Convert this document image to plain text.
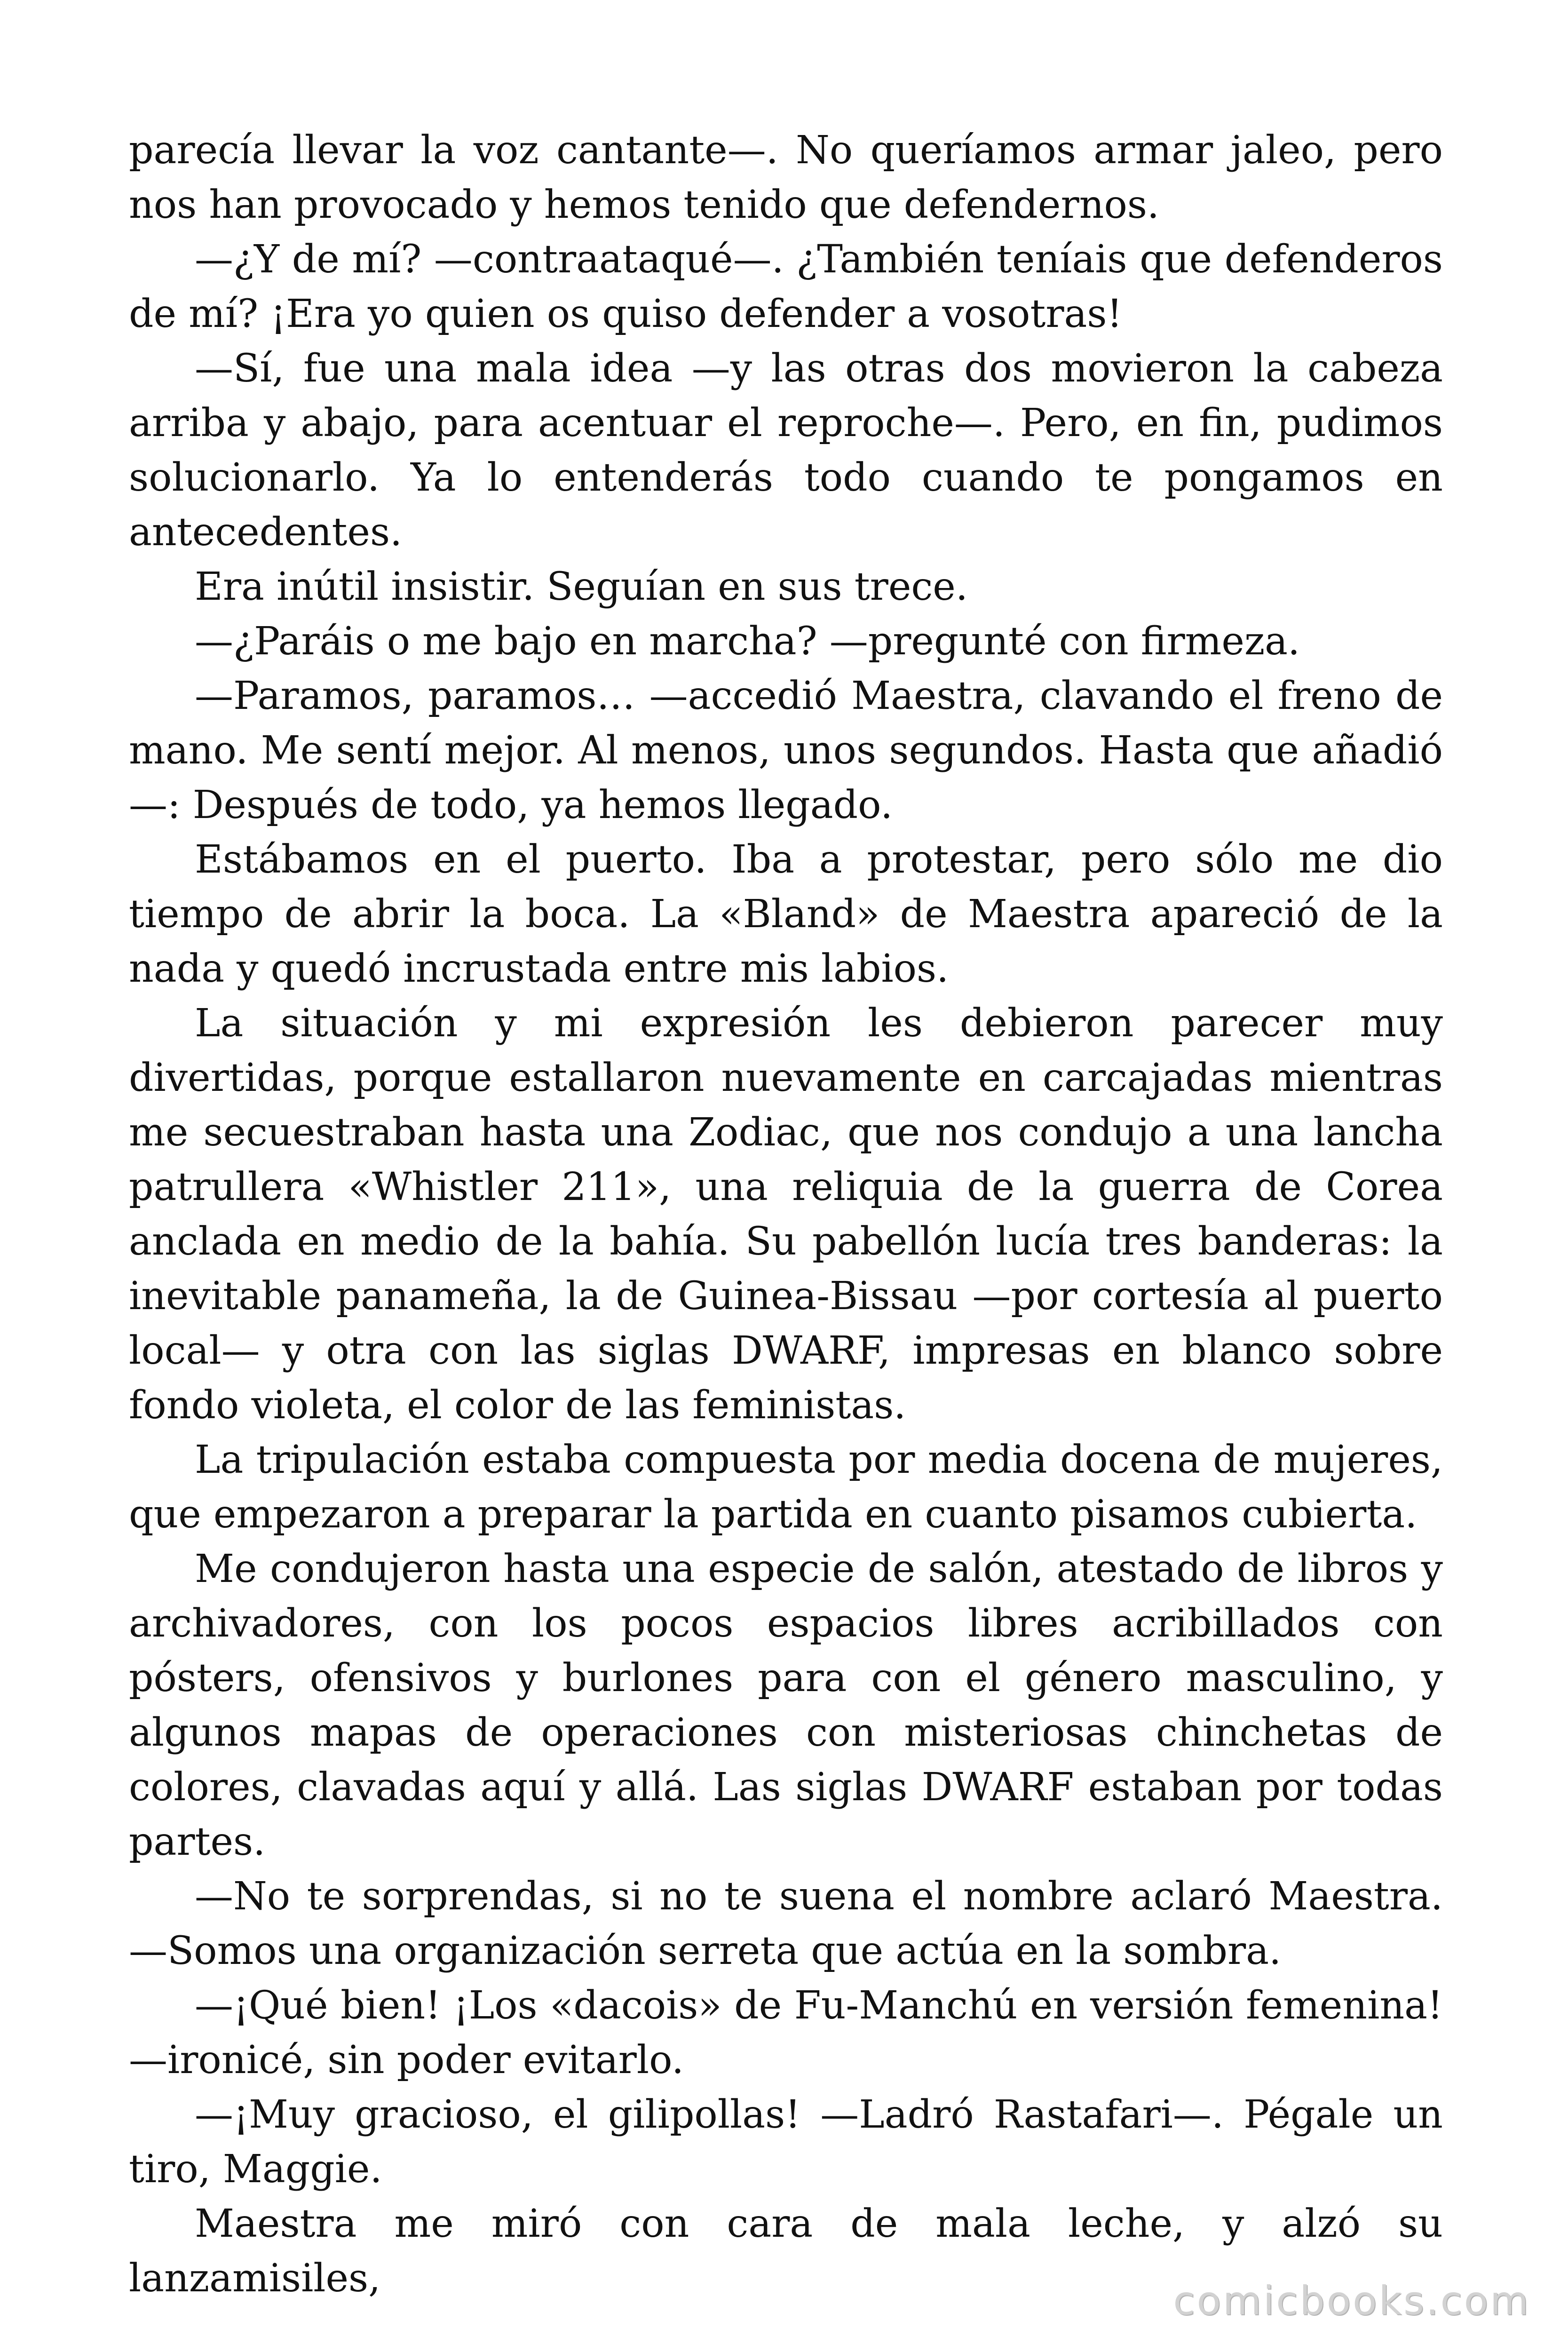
parecía llevar la voz cantante—. No queríamos armar jaleo, pero nos han provocado y hemos tenido que defendernos.

—¿Y de mí? —contraataqué—. ¿También teníais que defenderos de mí? ¡Era yo quien os quiso defender a vosotras!

—Sí, fue una mala idea —y las otras dos movieron la cabeza arriba y abajo, para acentuar el reproche—. Pero, en fin, pudimos solucionarlo. Ya lo entenderás todo cuando te pongamos en antecedentes.

Era inútil insistir. Seguían en sus trece.

—¿Paráis o me bajo en marcha? —pregunté con firmeza.

—Paramos, paramos… —accedió Maestra, clavando el freno de mano. Me sentí mejor. Al menos, unos segundos. Hasta que añadió —: Después de todo, ya hemos llegado.

Estábamos en el puerto. Iba a protestar, pero sólo me dio tiempo de abrir la boca. La «Bland» de Maestra apareció de la nada y quedó incrustada entre mis labios.

La situación y mi expresión les debieron parecer muy divertidas, porque estallaron nuevamente en carcajadas mientras me secuestraban hasta una Zodiac, que nos condujo a una lancha patrullera «Whistler 211», una reliquia de la guerra de Corea anclada en medio de la bahía. Su pabellón lucía tres banderas: la inevitable panameña, la de Guinea-Bissau —por cortesía al puerto local— y otra con las siglas DWARF, impresas en blanco sobre fondo violeta, el color de las feministas.

La tripulación estaba compuesta por media docena de mujeres, que empezaron a preparar la partida en cuanto pisamos cubierta.

Me condujeron hasta una especie de salón, atestado de libros y archivadores, con los pocos espacios libres acribillados con pósters, ofensivos y burlones para con el género masculino, y algunos mapas de operaciones con misteriosas chinchetas de colores, clavadas aquí y allá. Las siglas DWARF estaban por todas partes.

—No te sorprendas, si no te suena el nombre aclaró Maestra. —Somos una organización serreta que actúa en la sombra.

—¡Qué bien! ¡Los «dacois» de Fu-Manchú en versión femenina! —ironicé, sin poder evitarlo.

—¡Muy gracioso, el gilipollas! —Ladró Rastafari—. Pégale un tiro, Maggie.

Maestra me miró con cara de mala leche, y alzó su lanzamisiles,	comicbooks.com
